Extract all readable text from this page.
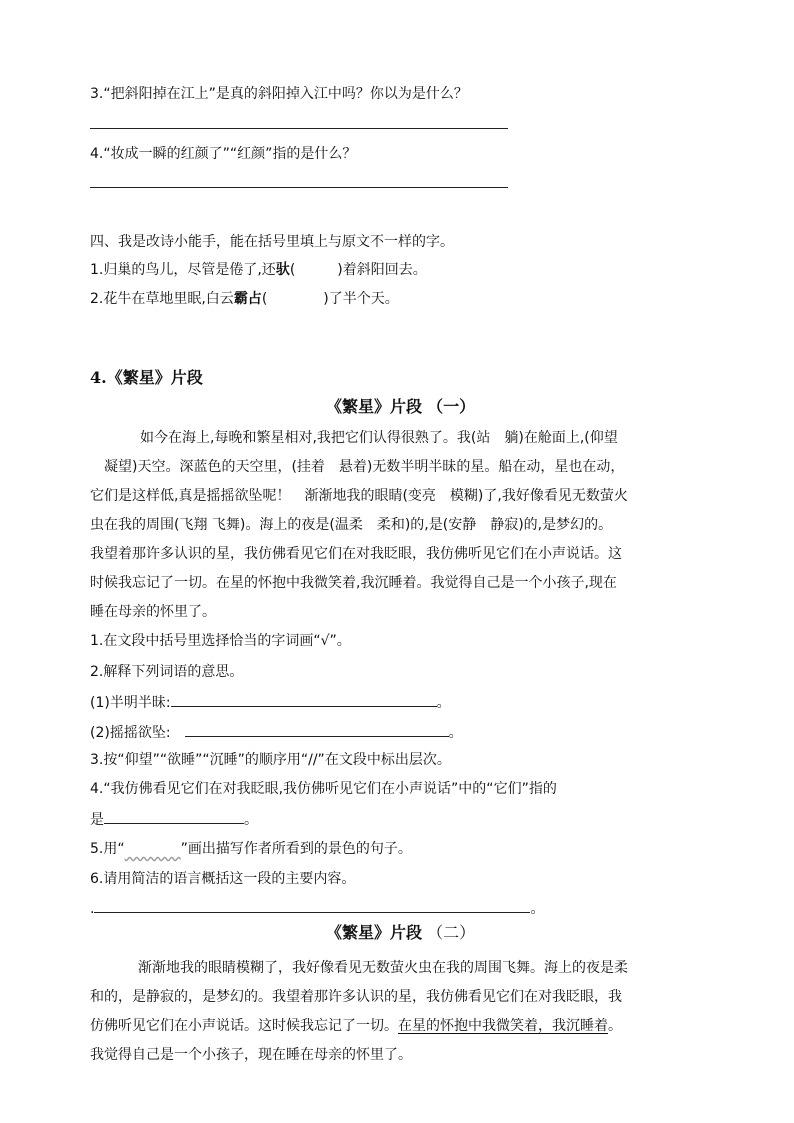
3.“把斜阳掉在江上”是真的斜阳掉入江中吗？你以为是什么？
4.“妆成一瞬的红颜了”“红颜”指的是什么？
四、我是改诗小能手，能在括号里填上与原文不一样的字。
1.归巢的鸟儿，尽管是倦了,还驮(　　　)着斜阳回去。
2.花牛在草地里眠,白云霸占(　　　　)了半个天。
4.《繁星》片段
《繁星》片段 （一）
如今在海上,每晚和繁星相对,我把它们认得很熟了。我(站　躺)在舱面上,(仰望
凝望)天空。深蓝色的天空里，(挂着　悬着)无数半明半昧的星。船在动，星也在动，
它们是这样低,真是摇摇欲坠呢！　渐渐地我的眼睛(变亮　模糊)了,我好像看见无数萤火
虫在我的周围(飞翔 飞舞)。海上的夜是(温柔　柔和)的,是(安静　静寂)的,是梦幻的。
我望着那许多认识的星，我仿佛看见它们在对我眨眼，我仿佛听见它们在小声说话。这
时候我忘记了一切。在星的怀抱中我微笑着,我沉睡着。我觉得自己是一个小孩子,现在
睡在母亲的怀里了。
1.在文段中括号里选择恰当的字词画“√”。
2.解释下列词语的意思。
(1)半明半昧:	。
(2)摇摇欲坠:	。
3.按“仰望”“欲睡”“沉睡”的顺序用“//”在文段中标出层次。
4.“我仿佛看见它们在对我眨眼,我仿佛听见它们在小声说话”中的“它们”指的
是	。
5.用“	”画出描写作者所看到的景色的句子。
6.请用简洁的语言概括这一段的主要内容。
.	。
《繁星》片段 （二）
渐渐地我的眼睛模糊了，我好像看见无数萤火虫在我的周围飞舞。海上的夜是柔
和的，是静寂的，是梦幻的。我望着那许多认识的星，我仿佛看见它们在对我眨眼，我
仿佛听见它们在小声说话。这时候我忘记了一切。在星的怀抱中我微笑着，我沉睡着。
我觉得自己是一个小孩子，现在睡在母亲的怀里了。
